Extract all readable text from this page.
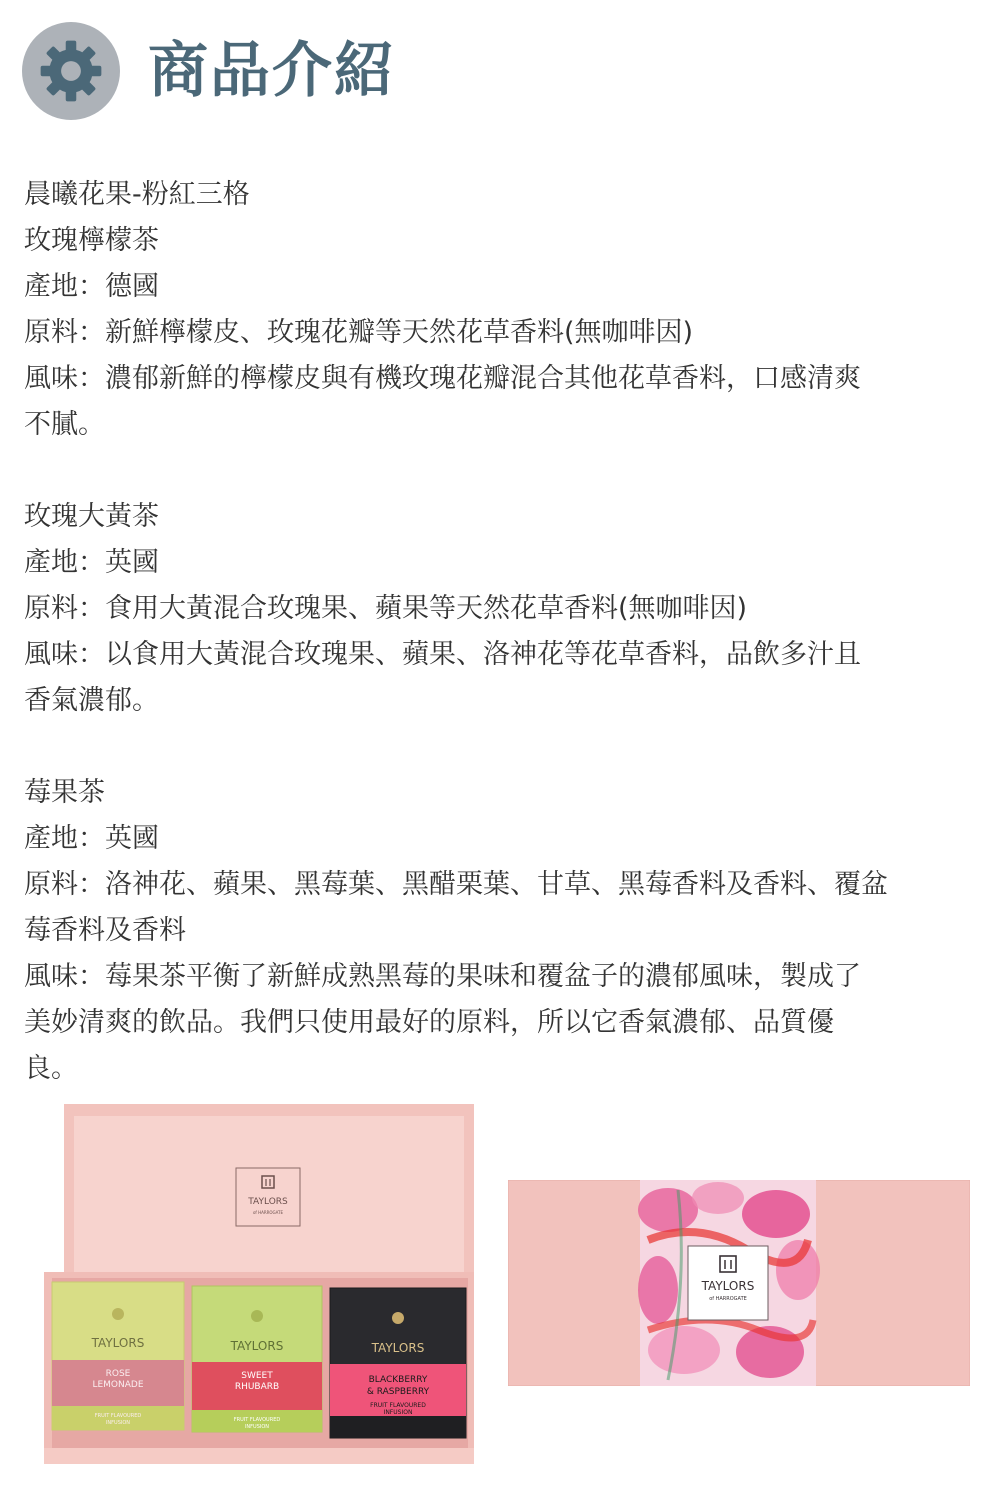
商品介紹
晨曦花果-粉紅三格
玫瑰檸檬茶
產地：德國
原料：新鮮檸檬皮、玫瑰花瓣等天然花草香料(無咖啡因)
風味：濃郁新鮮的檸檬皮與有機玫瑰花瓣混合其他花草香料，口感清爽
不膩。
玫瑰大黃茶
產地：英國
原料：食用大黃混合玫瑰果、蘋果等天然花草香料(無咖啡因)
風味：以食用大黃混合玫瑰果、蘋果、洛神花等花草香料，品飲多汁且
香氣濃郁。
莓果茶
產地：英國
原料：洛神花、蘋果、黑莓葉、黑醋栗葉、甘草、黑莓香料及香料、覆盆
莓香料及香料
風味：莓果茶平衡了新鮮成熟黑莓的果味和覆盆子的濃郁風味，製成了
美妙清爽的飲品。我們只使用最好的原料，所以它香氣濃郁、品質優
良。
TAYLORS
of HARROGATE
TAYLORS
ROSE
LEMONADE
FRUIT FLAVOURED
INFUSION
TAYLORS
SWEET
RHUBARB
FRUIT FLAVOURED
INFUSION
TAYLORS
BLACKBERRY
& RASPBERRY
FRUIT FLAVOURED
INFUSION
TAYLORS
of HARROGATE
